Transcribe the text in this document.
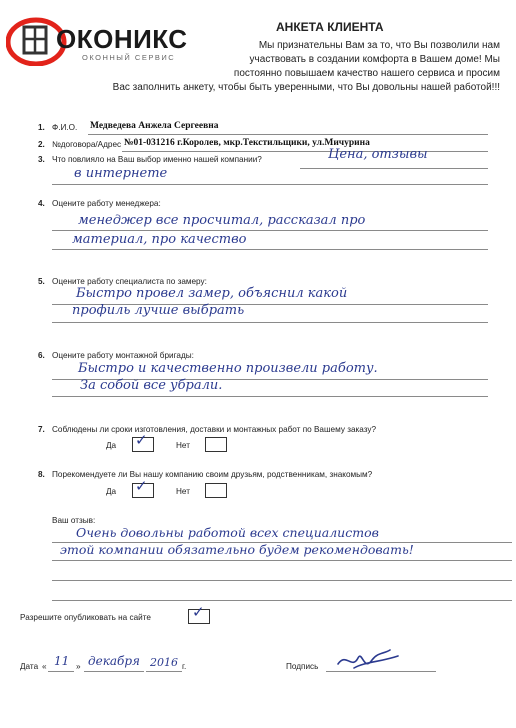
ОКОНИКС
ОКОННЫЙ СЕРВИС
АНКЕТА КЛИЕНТА
Мы признательны Вам за то, что Вы позволили нам
участвовать в создании комфорта в Вашем доме! Мы
постоянно повышаем качество нашего сервиса и просим
Вас заполнить анкету, чтобы быть уверенными, что Вы довольны нашей работой!!!
1. Ф.И.О. Медведева Анжела Сергеевна
2. №договора/Адрес №01-031216 г.Королев, мкр.Текстильщики, ул.Мичурина
3. Что повлияло на Ваш выбор именно нашей компании?	Цена, отзывы
в интернете
4. Оцените работу менеджера:
менеджер все просчитал, рассказал про
материал, про качество
5. Оцените работу специалиста по замеру:
Быстро провел замер, объяснил какой
профиль лучше выбрать
6. Оцените работу монтажной бригады:
Быстро и качественно произвели работу.
За собой все убрали.
7. Соблюдены ли сроки изготовления, доставки и монтажных работ по Вашему заказу?
Да ✓	Нет
8. Порекомендуете ли Вы нашу компанию своим друзьям, родственникам, знакомым?
Да ✓	Нет
Ваш отзыв:
Очень довольны работой всех специалистов
этой компании обязательно будем рекомендовать!
Разрешите опубликовать на сайте	✓
Дата « 11 » декабря 2016 г.	Подпись
